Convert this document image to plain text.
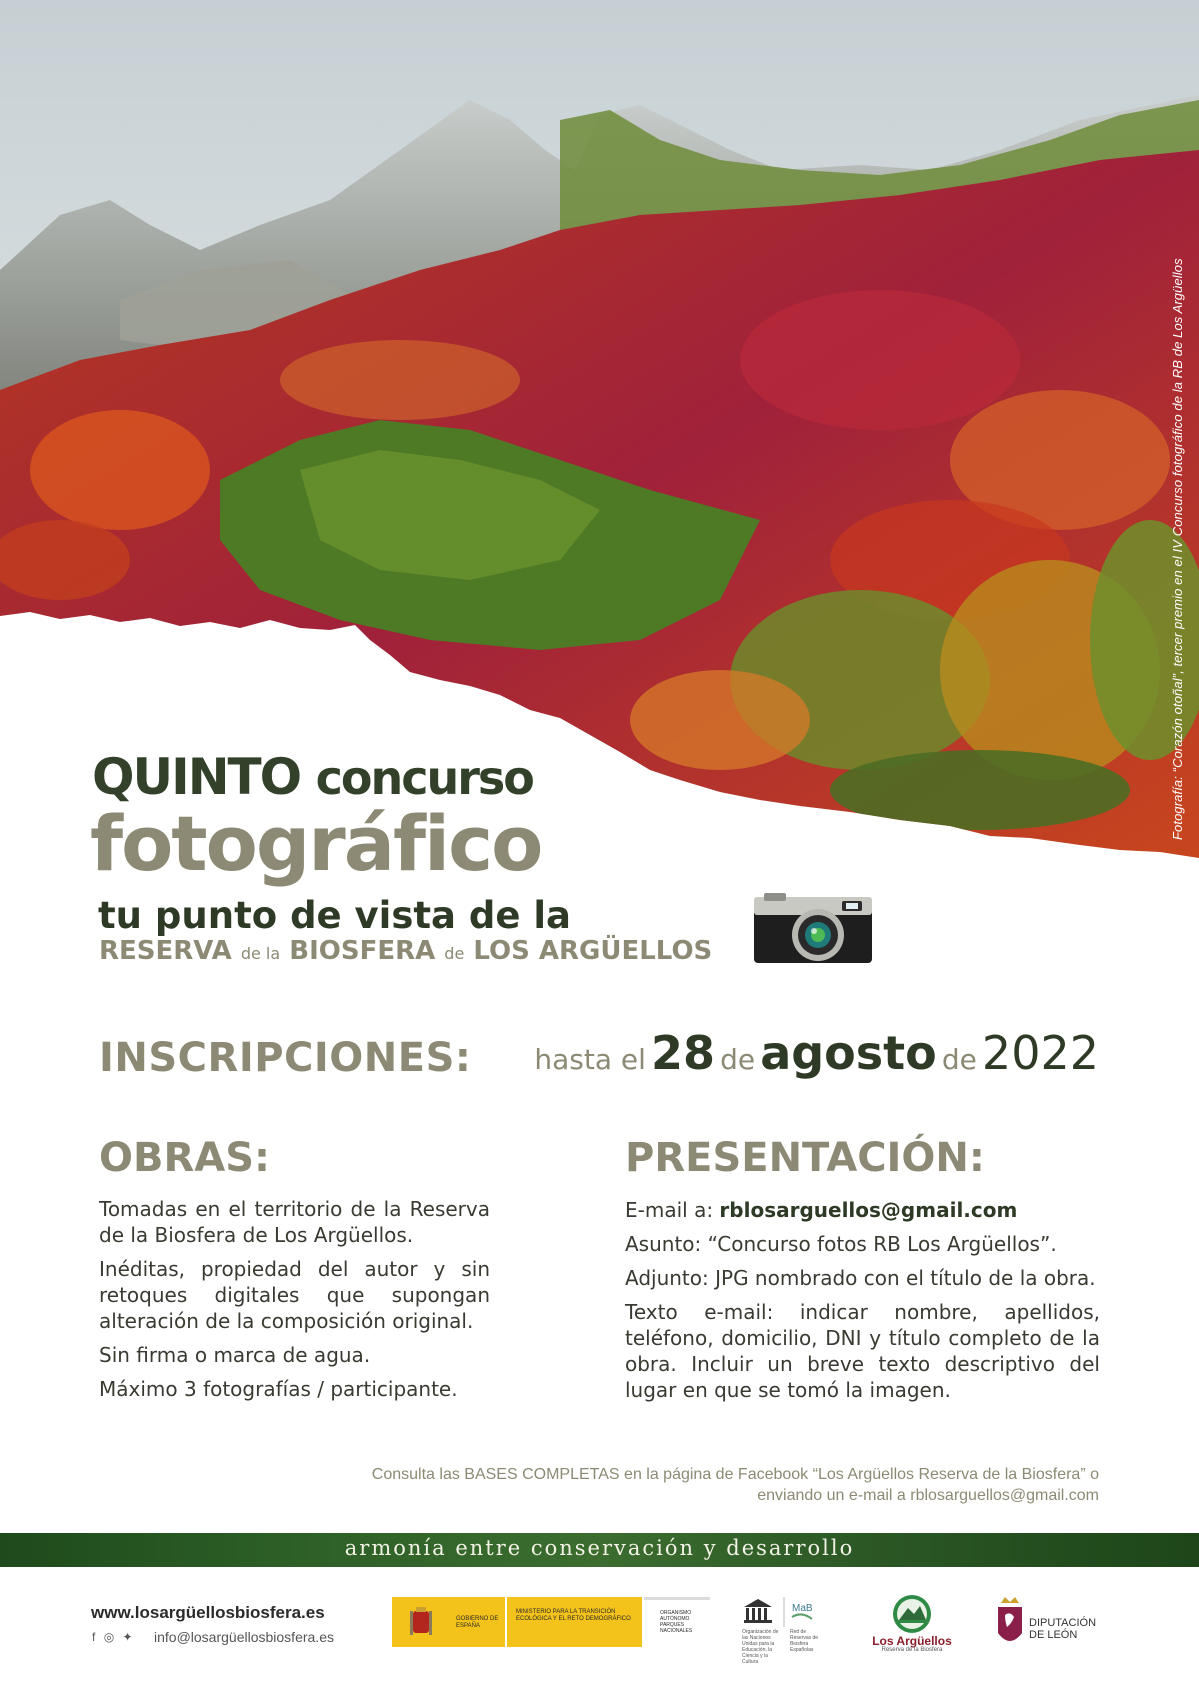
Fotografía: “Corazón otoñal”, tercer premio en el IV Concurso fotográfico de la RB de Los Argüellos
QUINTO concurso
fotográfico
tu punto de vista de la
RESERVA de la BIOSFERA de LOS ARGÜELLOS
INSCRIPCIONES: hasta el 28 de agosto de 2022
OBRAS:

Tomadas en el territorio de la Reserva de la Biosfera de Los Argüellos.

Inéditas, propiedad del autor y sin retoques digitales que supongan alteración de la composición original.

Sin firma o marca de agua.

Máximo 3 fotografías / participante.

PRESENTACIÓN:

E-mail a: rblosarguellos@gmail.com

Asunto: “Concurso fotos RB Los Argüellos”.

Adjunto: JPG nombrado con el título de la obra.

Texto e-mail: indicar nombre, apellidos, teléfono, domicilio, DNI y título completo de la obra. Incluir un breve texto descriptivo del lugar en que se tomó la imagen.

Consulta las BASES COMPLETAS en la página de Facebook “Los Argüellos Reserva de la Biosfera” o
enviando un e-mail a rblosarguellos@gmail.com
armonía entre conservación y desarrollo
www.losargüellosbiosfera.es
f ◎ ✦	info@losargüellosbiosfera.es
GOBIERNO DE ESPAÑA
MINISTERIO PARA LA TRANSICIÓN ECOLÓGICA Y EL RETO DEMOGRÁFICO
ORGANISMO AUTÓNOMO PARQUES NACIONALES
MaB
Organización de las Naciones Unidas para la Educación, la Ciencia y la Cultura
Red de Reservas de Biosfera Españolas
Los Argüellos
Reserva de la Biosfera
DIPUTACIÓN
DE LEÓN
